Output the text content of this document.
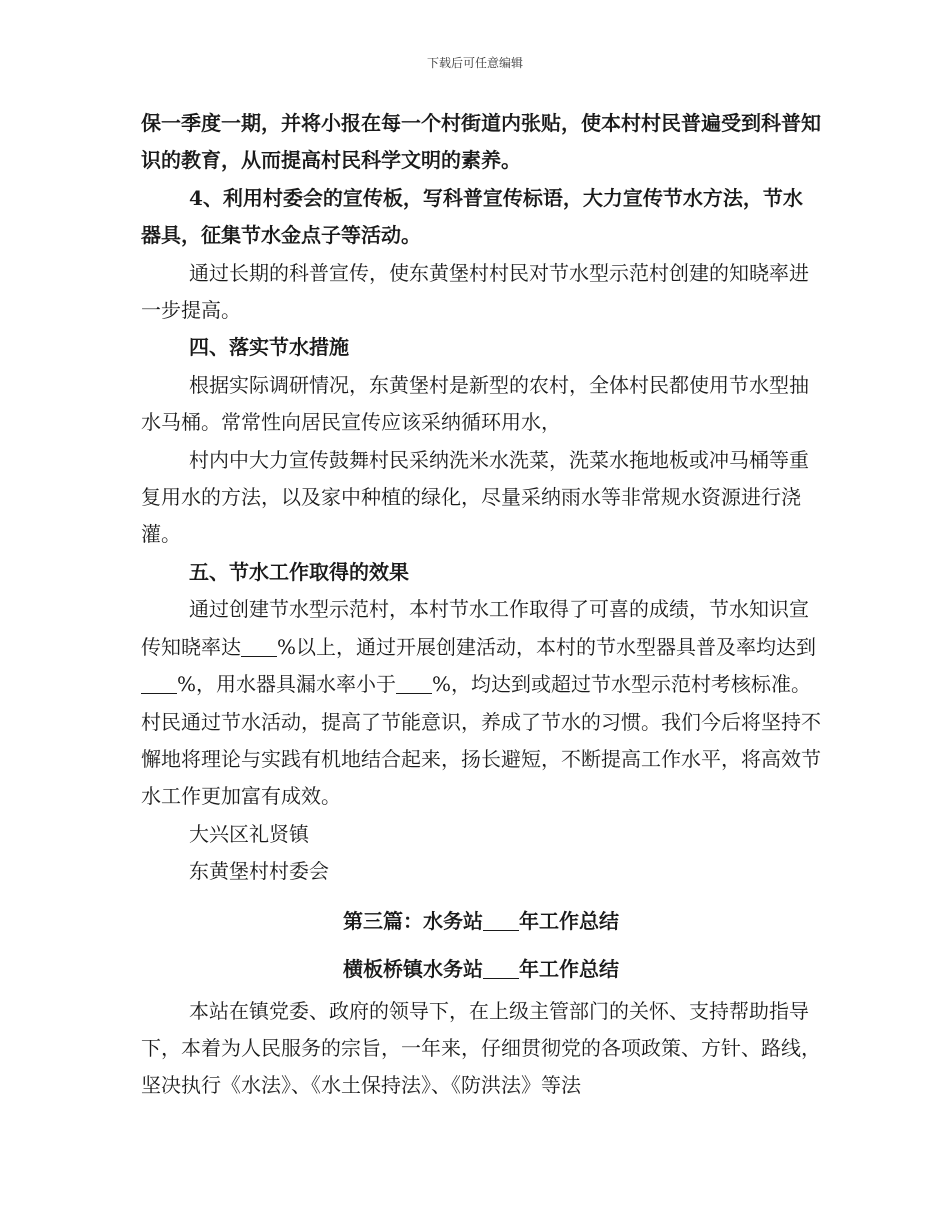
下载后可任意编辑

保一季度一期，并将小报在每一个村街道内张贴，使本村村民普遍受到科普知识的教育，从而提高村民科学文明的素养。

4、利用村委会的宣传板，写科普宣传标语，大力宣传节水方法，节水器具，征集节水金点子等活动。

通过长期的科普宣传，使东黄堡村村民对节水型示范村创建的知晓率进一步提高。

四、落实节水措施

根据实际调研情况，东黄堡村是新型的农村，全体村民都使用节水型抽水马桶。常常性向居民宣传应该采纳循环用水，

村内中大力宣传鼓舞村民采纳洗米水洗菜，洗菜水拖地板或冲马桶等重复用水的方法，以及家中种植的绿化，尽量采纳雨水等非常规水资源进行浇灌。

五、节水工作取得的效果

通过创建节水型示范村，本村节水工作取得了可喜的成绩，节水知识宣传知晓率达 %以上，通过开展创建活动，本村的节水型器具普及率均达到%，用水器具漏水率小于 %，均达到或超过节水型示范村考核标准。村民通过节水活动，提高了节能意识，养成了节水的习惯。我们今后将坚持不懈地将理论与实践有机地结合起来，扬长避短，不断提高工作水平，将高效节水工作更加富有成效。

大兴区礼贤镇

东黄堡村村委会

第三篇：水务站 年工作总结

横板桥镇水务站 年工作总结

本站在镇党委、政府的领导下，在上级主管部门的关怀、支持帮助指导下，本着为人民服务的宗旨，一年来，仔细贯彻党的各项政策、方针、路线，坚决执行《水法》、《水土保持法》、《防洪法》等法
